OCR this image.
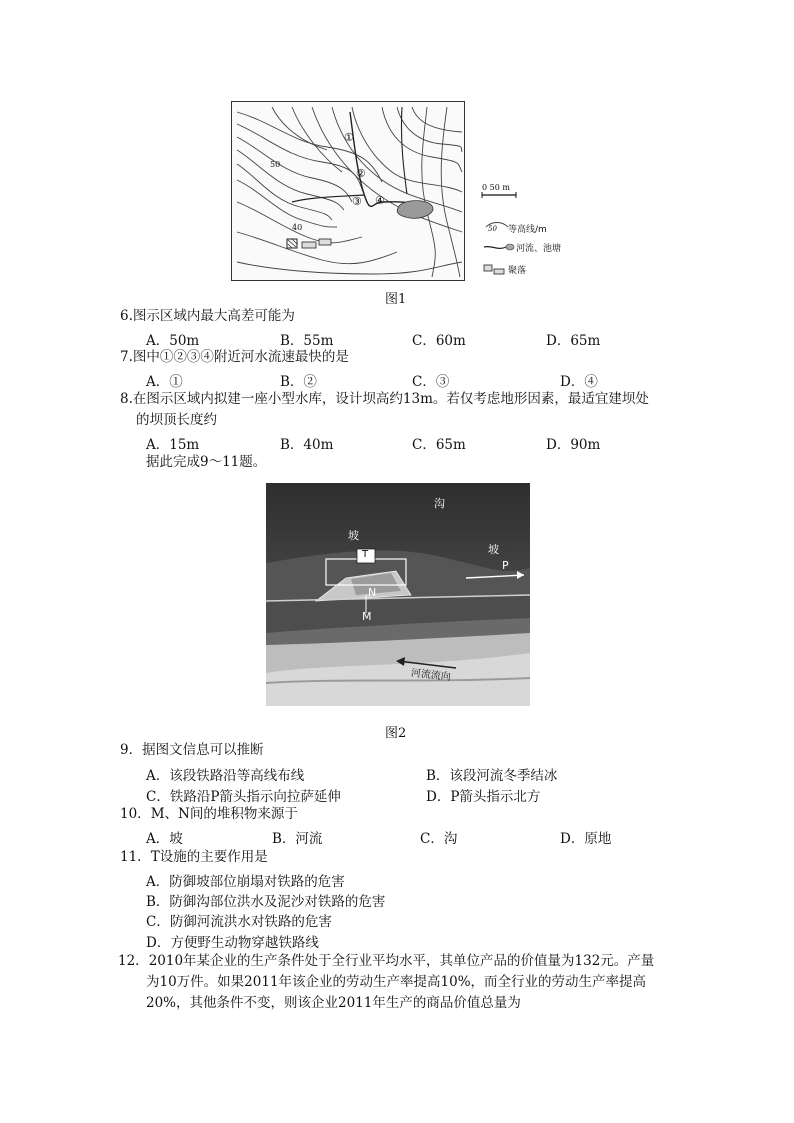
①
②
③ ④
50
40
0 50 m
50 等高线/m
河流、池塘
聚落
图1
6.图示区域内最大高差可能为
A．50m	B．55m	C．60m	D．65m
7.图中①②③④附近河水流速最快的是
A．①	B．②	C．③	D．④
8.在图示区域内拟建一座小型水库，设计坝高约13m。若仅考虑地形因素，最适宜建坝处
的坝顶长度约
A．15m	B．40m	C．65m	D．90m
据此完成9～11题。
坡
沟
坡
T
P
N
M
河流流向
图2
9．据图文信息可以推断
A．该段铁路沿等高线布线	B．该段河流冬季结冰
C．铁路沿P箭头指示向拉萨延伸	D．P箭头指示北方
10．M、N间的堆积物来源于
A．坡	B．河流	C．沟	D．原地
11．T设施的主要作用是
A．防御坡部位崩塌对铁路的危害
B．防御沟部位洪水及泥沙对铁路的危害
C．防御河流洪水对铁路的危害
D．方便野生动物穿越铁路线
12．2010年某企业的生产条件处于全行业平均水平，其单位产品的价值量为132元。产量
为10万件。如果2011年该企业的劳动生产率提高10%，而全行业的劳动生产率提高
20%，其他条件不变，则该企业2011年生产的商品价值总量为
